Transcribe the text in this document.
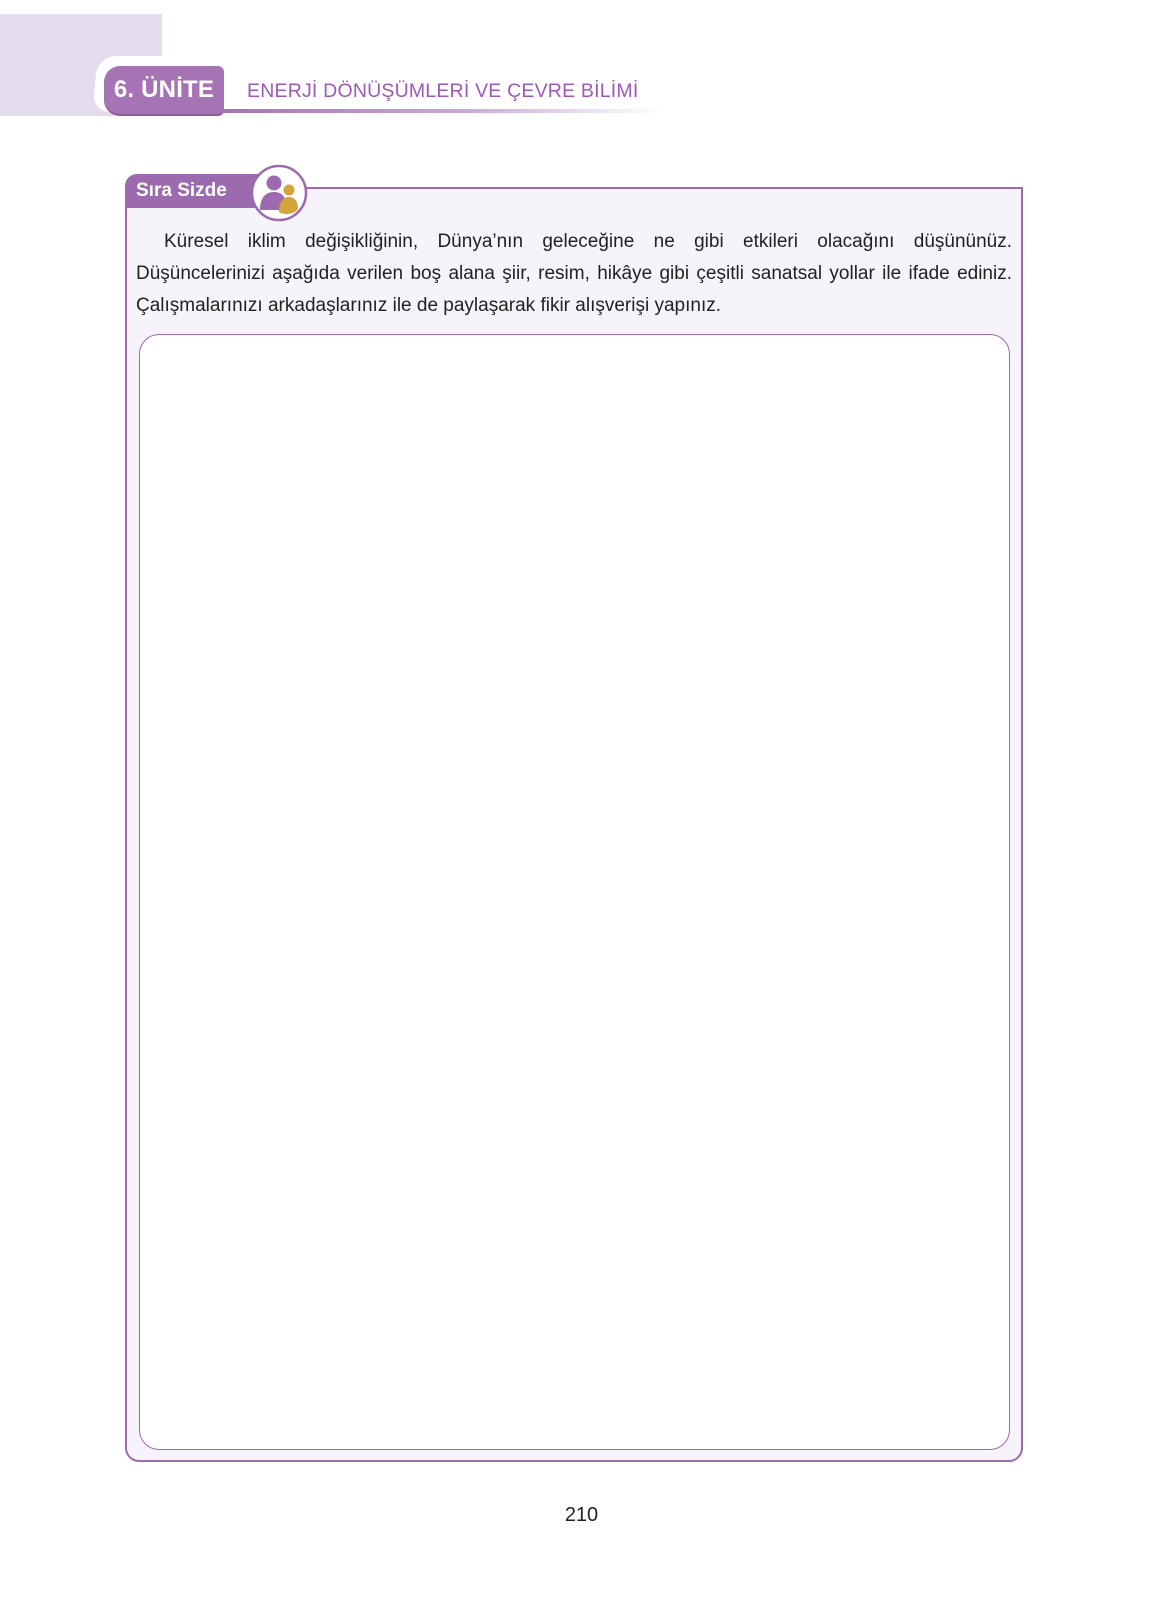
6. ÜNİTE ENERJİ DÖNÜŞÜMLERİ VE ÇEVRE BİLİMİ
Sıra Sizde

Küresel iklim değişikliğinin, Dünya’nın geleceğine ne gibi etkileri olacağını düşününüz. Düşüncelerinizi aşağıda verilen boş alana şiir, resim, hikâye gibi çeşitli sanatsal yollar ile ifade ediniz. Çalışmalarınızı arkadaşlarınız ile de paylaşarak fikir alışverişi yapınız.

210
